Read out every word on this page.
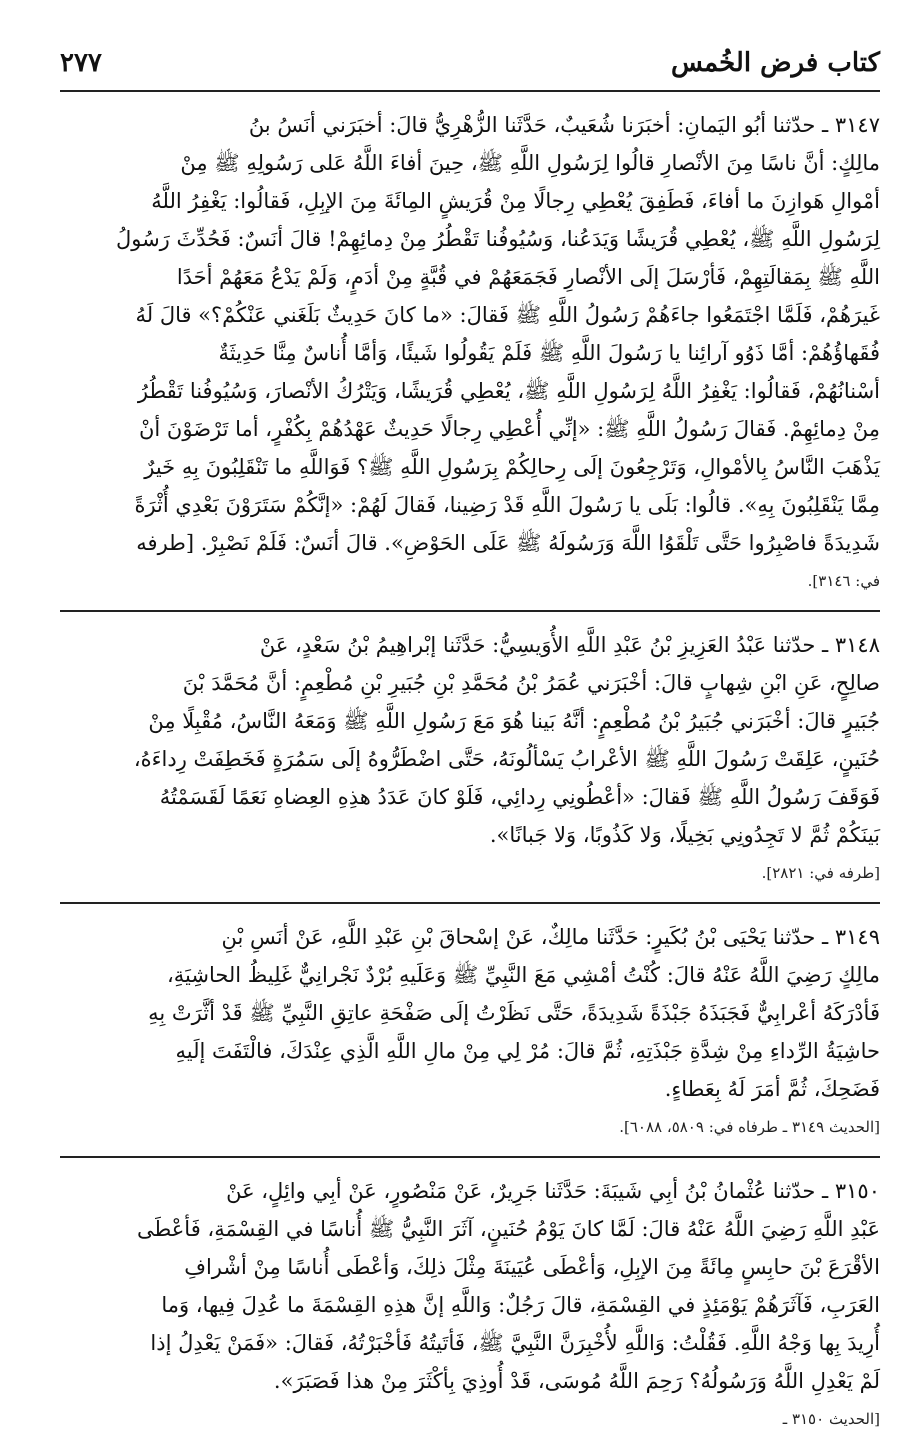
كتاب فرض الخُمس
٢٧٧
٣١٤٧ ـ حدّثنا أبُو اليَمانِ: أخبَرَنا شُعَيبٌ، حَدَّثَنا الزُّهْرِيُّ قالَ: أخبَرَني أنَسُ بنُ
مالِكٍ: أنَّ ناسًا مِنَ الأنْصارِ قالُوا لِرَسُولِ اللَّهِ ﷺ، حِينَ أفاءَ اللَّهُ عَلى رَسُولِهِ ﷺ مِنْ
أمْوالِ هَوازِنَ ما أفاءَ، فَطَفِقَ يُعْطِي رِجالًا مِنْ قُرَيشٍ المِائَةَ مِنَ الإبِلِ، فَقالُوا: يَغْفِرُ اللَّهُ
لِرَسُولِ اللَّهِ ﷺ، يُعْطِي قُرَيشًا وَيَدَعُنا، وَسُيُوفُنا تَقْطُرُ مِنْ دِمائِهِمْ! قالَ أنَسٌ: فَحُدِّثَ رَسُولُ
اللَّهِ ﷺ بِمَقالَتِهِمْ، فَأرْسَلَ إلَى الأنْصارِ فَجَمَعَهُمْ في قُبَّةٍ مِنْ أدَمٍ، وَلَمْ يَدْعُ مَعَهُمْ أحَدًا
غَيرَهُمْ، فَلَمَّا اجْتَمَعُوا جاءَهُمْ رَسُولُ اللَّهِ ﷺ فَقالَ: «ما كانَ حَدِيثٌ بَلَغَني عَنْكُمْ؟» قالَ لَهُ
فُقَهاؤُهُمْ: أمَّا ذَوُو آرائِنا يا رَسُولَ اللَّهِ ﷺ فَلَمْ يَقُولُوا شَيئًا، وَأمَّا أُناسٌ مِنَّا حَدِيثَةٌ
أسْنانُهُمْ، فَقالُوا: يَغْفِرُ اللَّهُ لِرَسُولِ اللَّهِ ﷺ، يُعْطِي قُرَيشًا، وَيَتْرُكُ الأنْصارَ، وَسُيُوفُنا تَقْطُرُ
مِنْ دِمائِهِمْ. فَقالَ رَسُولُ اللَّهِ ﷺ: «إنِّي أُعْطِي رِجالًا حَدِيثٌ عَهْدُهُمْ بِكُفْرٍ، أما تَرْضَوْنَ أنْ
يَذْهَبَ النَّاسُ بِالأمْوالِ، وَتَرْجِعُونَ إلَى رِحالِكُمْ بِرَسُولِ اللَّهِ ﷺ؟ فَوَاللَّهِ ما تَنْقَلِبُونَ بِهِ خَيرٌ
مِمَّا يَنْقَلِبُونَ بِهِ». قالُوا: بَلَى يا رَسُولَ اللَّهِ قَدْ رَضِينا، فَقالَ لَهُمْ: «إنَّكُمْ سَتَرَوْنَ بَعْدِي أُثْرَةً
شَدِيدَةً فاصْبِرُوا حَتَّى تَلْقَوُا اللَّهَ وَرَسُولَهُ ﷺ عَلَى الحَوْضِ». قالَ أنَسٌ: فَلَمْ نَصْبِرْ. [طرفه
في: ٣١٤٦].
٣١٤٨ ـ حدّثنا عَبْدُ العَزِيزِ بْنُ عَبْدِ اللَّهِ الأُوَيسِيُّ: حَدَّثَنا إبْراهِيمُ بْنُ سَعْدٍ، عَنْ
صالِحٍ، عَنِ ابْنِ شِهابٍ قالَ: أخْبَرَني عُمَرُ بْنُ مُحَمَّدِ بْنِ جُبَيرِ بْنِ مُطْعِمٍ: أنَّ مُحَمَّدَ بْنَ
جُبَيرٍ قالَ: أخْبَرَني جُبَيرُ بْنُ مُطْعِمٍ: أنَّهُ بَينا هُوَ مَعَ رَسُولِ اللَّهِ ﷺ وَمَعَهُ النَّاسُ، مُقْبِلًا مِنْ
حُنَينٍ، عَلِقَتْ رَسُولَ اللَّهِ ﷺ الأعْرابُ يَسْألُونَهُ، حَتَّى اضْطَرُّوهُ إلَى سَمُرَةٍ فَخَطِفَتْ رِداءَهُ،
فَوَقَفَ رَسُولُ اللَّهِ ﷺ فَقالَ: «أعْطُونِي رِدائِي، فَلَوْ كانَ عَدَدُ هذِهِ العِضاهِ نَعَمًا لَقَسَمْتُهُ
بَينَكُمْ ثُمَّ لا تَجِدُونِي بَخِيلًا، وَلا كَذُوبًا، وَلا جَبانًا».
[طرفه في: ٢٨٢١].
٣١٤٩ ـ حدّثنا يَحْيَى بْنُ بُكَيرٍ: حَدَّثَنا مالِكٌ، عَنْ إسْحاقَ بْنِ عَبْدِ اللَّهِ، عَنْ أنَسِ بْنِ
مالِكٍ رَضِيَ اللَّهُ عَنْهُ قالَ: كُنْتُ أمْشِي مَعَ النَّبِيِّ ﷺ وَعَلَيهِ بُرْدٌ نَجْرانِيٌّ غَلِيظُ الحاشِيَةِ،
فَأدْرَكَهُ أعْرابِيٌّ فَجَبَذَهُ جَبْذَةً شَدِيدَةً، حَتَّى نَظَرْتُ إلَى صَفْحَةِ عاتِقِ النَّبِيِّ ﷺ قَدْ أثَّرَتْ بِهِ
حاشِيَةُ الرِّداءِ مِنْ شِدَّةِ جَبْذَتِهِ، ثُمَّ قالَ: مُرْ لِي مِنْ مالِ اللَّهِ الَّذِي عِنْدَكَ، فالْتَفَتَ إلَيهِ
فَضَحِكَ، ثُمَّ أمَرَ لَهُ بِعَطاءٍ.
[الحديث ٣١٤٩ ـ طرفاه في: ٥٨٠٩، ٦٠٨٨].
٣١٥٠ ـ حدّثنا عُثْمانُ بْنُ أبِي شَيبَةَ: حَدَّثَنا جَرِيرٌ، عَنْ مَنْصُورٍ، عَنْ أبِي وائِلٍ، عَنْ
عَبْدِ اللَّهِ رَضِيَ اللَّهُ عَنْهُ قالَ: لَمَّا كانَ يَوْمُ حُنَينٍ، آثَرَ النَّبِيُّ ﷺ أُناسًا في القِسْمَةِ، فَأعْطَى
الأقْرَعَ بْنَ حابِسٍ مِائَةً مِنَ الإبِلِ، وَأعْطَى عُيَينَةَ مِثْلَ ذلِكَ، وَأعْطَى أُناسًا مِنْ أشْرافِ
العَرَبِ، فَآثَرَهُمْ يَوْمَئِذٍ في القِسْمَةِ، قالَ رَجُلٌ: وَاللَّهِ إنَّ هذِهِ القِسْمَةَ ما عُدِلَ فِيها، وَما
أُرِيدَ بِها وَجْهُ اللَّهِ. فَقُلْتُ: وَاللَّهِ لأُخْبِرَنَّ النَّبِيَّ ﷺ، فَأتَيتُهُ فَأخْبَرْتُهُ، فَقالَ: «فَمَنْ يَعْدِلُ إذا
لَمْ يَعْدِلِ اللَّهُ وَرَسُولُهُ؟ رَحِمَ اللَّهُ مُوسَى، قَدْ أُوذِيَ بِأكْثَرَ مِنْ هذا فَصَبَرَ».
[الحديث ٣١٥٠ ـ
